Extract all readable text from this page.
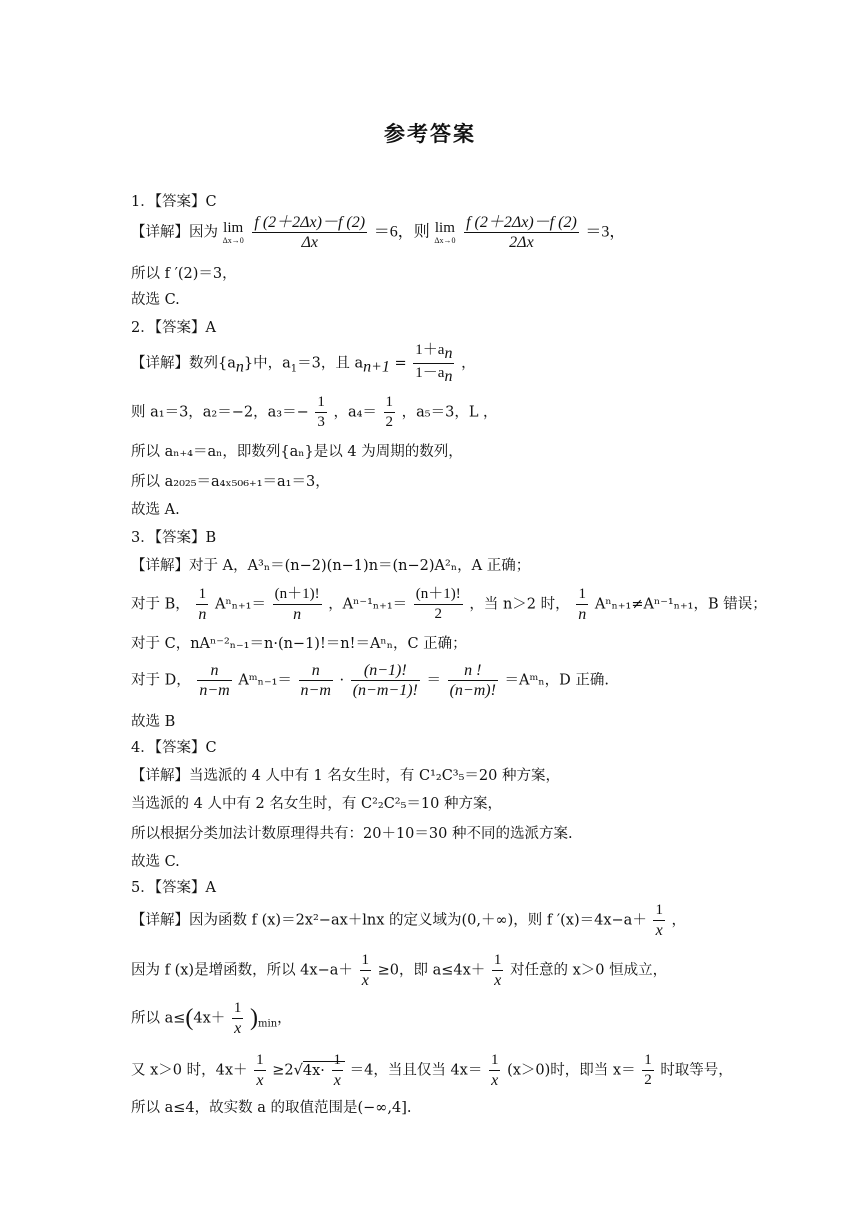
参考答案
1．【答案】C
【详解】因为 lim
Δx→0
$\frac{f (2+2\Delta x)-f (2)}{\Delta x} =6$，则 lim
Δx→0
$\frac{f (2+2\Delta x)-f (2)}{2\Delta x} =3$，
所以 f ′(2)＝3，
故选 C.
2．【答案】A
【详解】数列$\{a_n\}$中，$a_1=3$，且 $a_{n+1} = \frac{1+a_n}{1-a_n}$ ，
则 a₁＝3，a₂＝−2，$a_3=- \frac{1}{3}$ ，$a_4= \frac{1}{2}$ ，a₅＝3，L ，
所以 aₙ₊₄＝aₙ，即数列{aₙ}是以 4 为周期的数列，
所以 a₂₀₂₅＝a₄ₓ₅₀₆₊₁＝a₁＝3，
故选 A.
3．【答案】B
【详解】对于 A，A³ₙ＝(n−2)(n−1)n＝(n−2)A²ₙ，A 正确；
对于 B， $\frac{1}{n} A^n_{n+1}= \frac{(n+1)!}{n}$ ，$A^{n-1}_{n+1}= \frac{(n+1)!}{2}$ ，当 n＞2 时， $\frac{1}{n} A^n_{n+1}\ne A^{n-1}_{n+1}$，B 错误；
对于 C，nAⁿ⁻²ₙ₋₁＝n·(n−1)!＝n!＝Aⁿₙ，C 正确；
对于 D， $\frac{n}{n-m}$ Aᵐₙ₋₁＝ $\frac{n}{n-m} \cdot \frac{(n-1)!}{(n-m-1)!} = \frac{n !}{(n-m)!}$ ＝Aᵐₙ，D 正确.
故选 B
4．【答案】C
【详解】当选派的 4 人中有 1 名女生时，有 C¹₂C³₅＝20 种方案，
当选派的 4 人中有 2 名女生时，有 C²₂C²₅＝10 种方案，
所以根据分类加法计数原理得共有：20＋10＝30 种不同的选派方案.
故选 C.
5．【答案】A
【详解】因为函数 f (x)＝2x²−ax＋lnx 的定义域为(0,＋∞)，则 f $'(x)=4x-a+ \frac{1}{x}$ ，
因为 f (x)是增函数，所以 $4x-a+ \frac{1}{x} \ge 0$，即 $a\le 4x+ \frac{1}{x}$ 对任意的 x＞0 恒成立，
所以 $a\le(4x+ \frac{1}{x} )_{min}$，
又 x＞0 时，$4x+ \frac{1}{x} \ge 2√4x\cdot \frac{1}{x} =4$，当且仅当 $4x= \frac{1}{x} (x>0)$时，即当 $x= \frac{1}{2}$ 时取等号，
所以 a≤4，故实数 a 的取值范围是(−∞,4].
